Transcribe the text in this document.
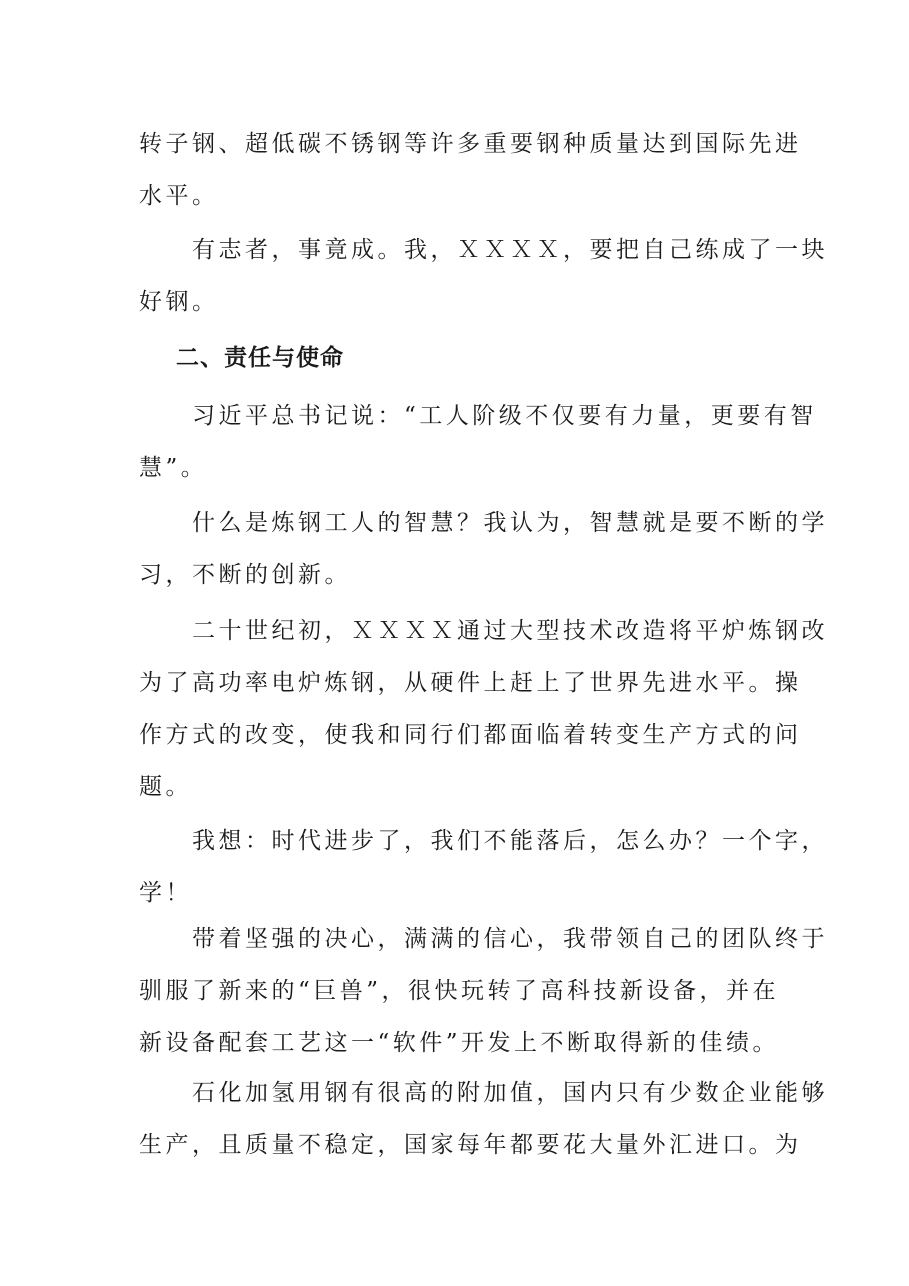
转子钢、超低碳不锈钢等许多重要钢种质量达到国际先进
水平。
　　有志者，事竟成。我，ＸＸＸＸ，要把自己练成了一块
好钢。
二、责任与使命
　　习近平总书记说：“工人阶级不仅要有力量，更要有智
慧”。
　　什么是炼钢工人的智慧？我认为，智慧就是要不断的学
习，不断的创新。
　　二十世纪初，ＸＸＸＸ通过大型技术改造将平炉炼钢改
为了高功率电炉炼钢，从硬件上赶上了世界先进水平。操
作方式的改变，使我和同行们都面临着转变生产方式的问
题。
　　我想：时代进步了，我们不能落后，怎么办？一个字，
学！
　　带着坚强的决心，满满的信心，我带领自己的团队终于
驯服了新来的“巨兽”，很快玩转了高科技新设备，并在
新设备配套工艺这一“软件”开发上不断取得新的佳绩。
　　石化加氢用钢有很高的附加值，国内只有少数企业能够
生产，且质量不稳定，国家每年都要花大量外汇进口。为
